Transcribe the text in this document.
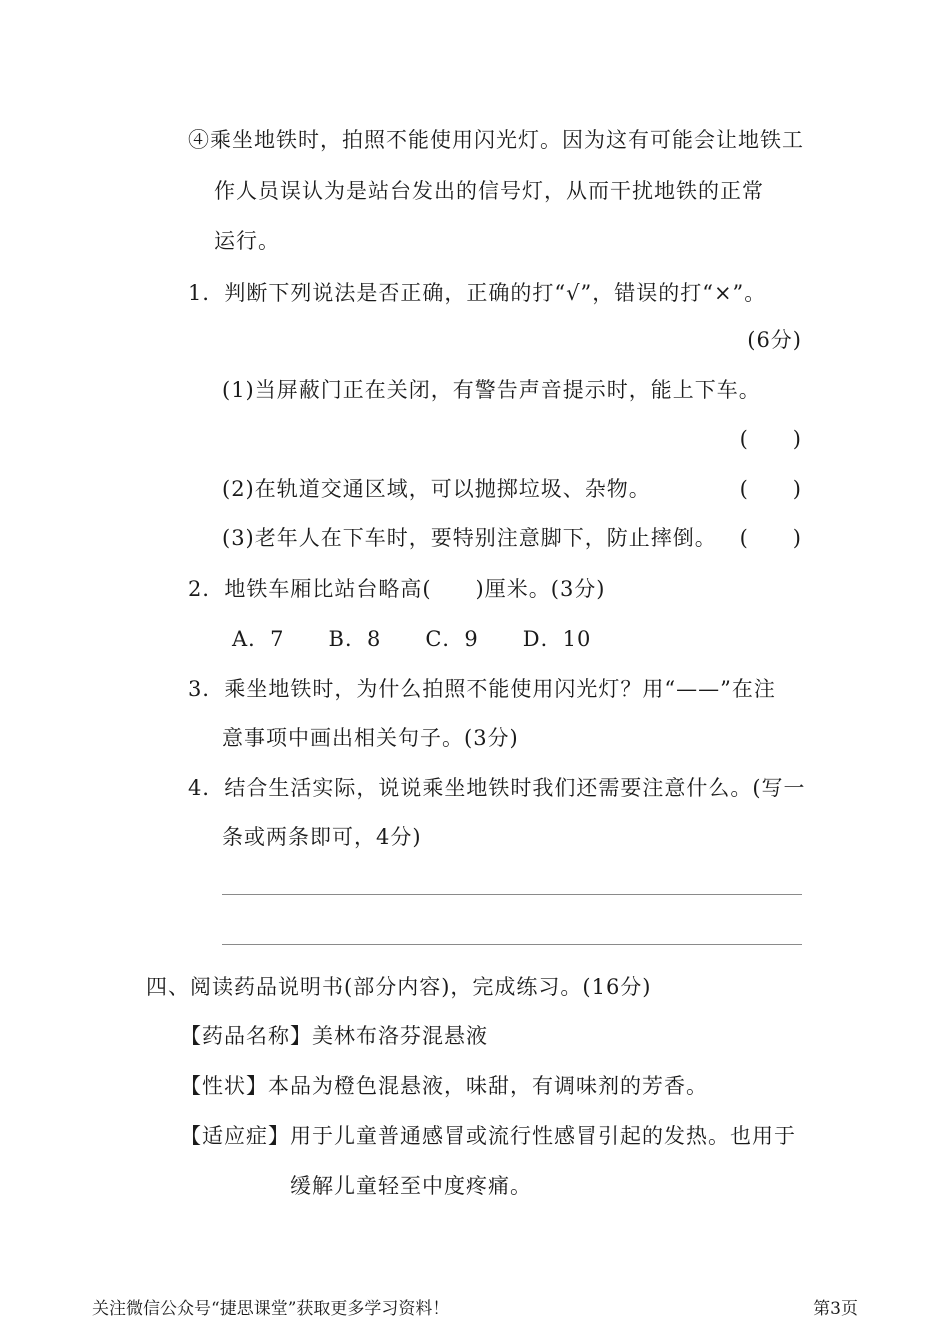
④乘坐地铁时，拍照不能使用闪光灯。因为这有可能会让地铁工
作人员误认为是站台发出的信号灯，从而干扰地铁的正常
运行。
1．判断下列说法是否正确，正确的打“√”，错误的打“×”。
(6分)
(1)当屏蔽门正在关闭，有警告声音提示时，能上下车。
(　　)
(2)在轨道交通区域，可以抛掷垃圾、杂物。	(　　)
(3)老年人在下车时，要特别注意脚下，防止摔倒。 (　　)
2．地铁车厢比站台略高(　　)厘米。(3分)
A．7　　B．8　　C．9　　D．10
3．乘坐地铁时，为什么拍照不能使用闪光灯？用“——”在注
意事项中画出相关句子。(3分)
4．结合生活实际，说说乘坐地铁时我们还需要注意什么。(写一
条或两条即可，4分)
四、阅读药品说明书(部分内容)，完成练习。(16分)
【药品名称】美林布洛芬混悬液
【性状】本品为橙色混悬液，味甜，有调味剂的芳香。
【适应症】用于儿童普通感冒或流行性感冒引起的发热。也用于
缓解儿童轻至中度疼痛。
关注微信公众号“捷思课堂”获取更多学习资料！	第3页
